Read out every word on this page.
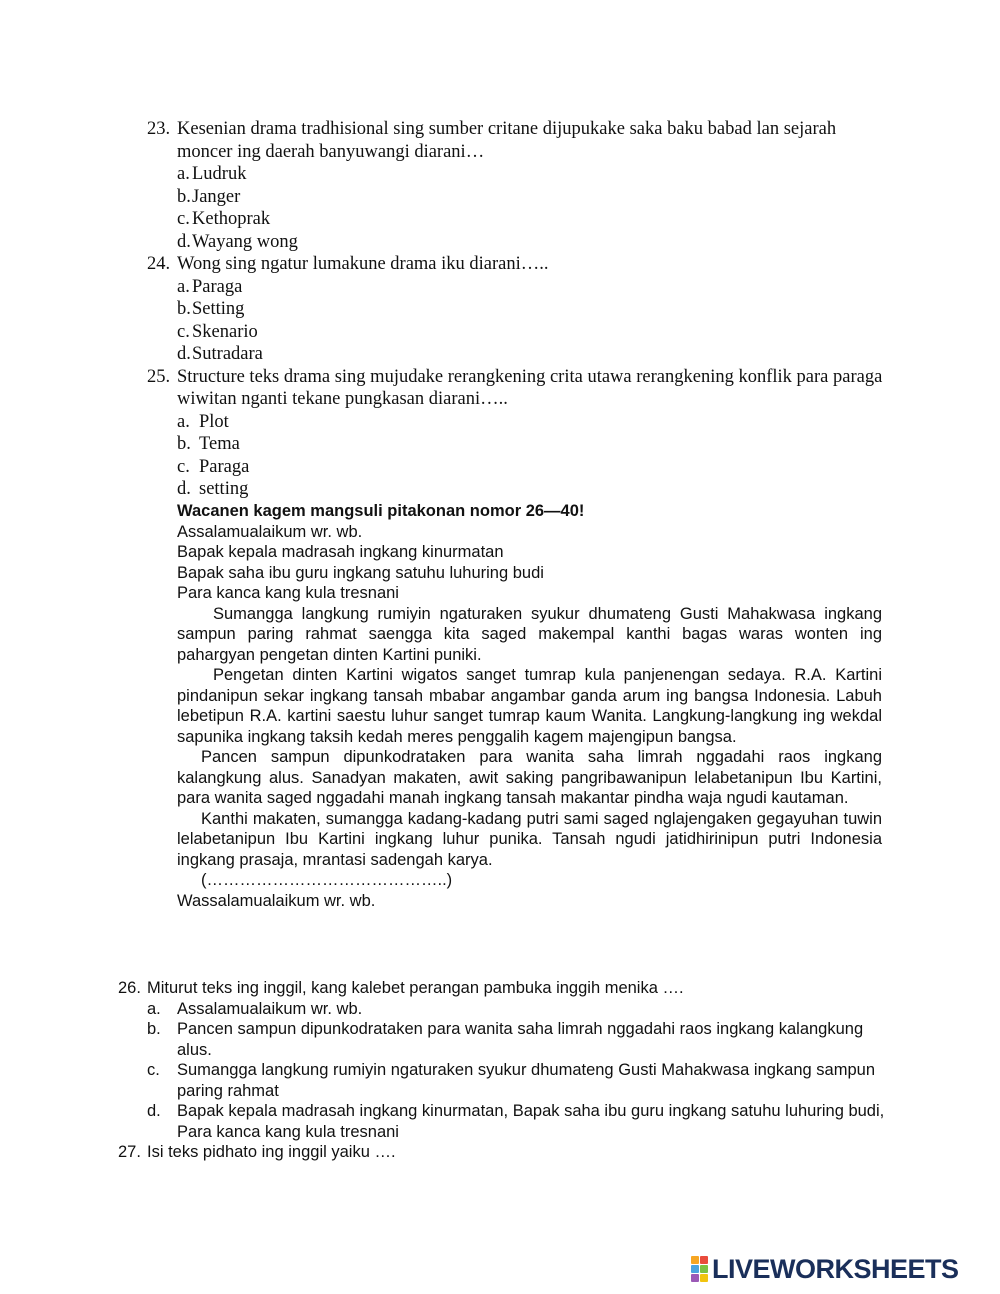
23. Kesenian drama tradhisional sing sumber critane dijupukake saka baku babad lan sejarah moncer ing daerah banyuwangi diarani…
a. Ludruk
b. Janger
c. Kethoprak
d. Wayang wong
24. Wong sing ngatur lumakune drama iku diarani…..
a. Paraga
b. Setting
c. Skenario
d. Sutradara
25. Structure teks drama sing mujudake rerangkening crita utawa rerangkening konflik para paraga wiwitan nganti tekane pungkasan diarani…..
a. Plot
b. Tema
c. Paraga
d. setting
Wacanen kagem mangsuli pitakonan nomor 26—40!
Assalamualaikum wr. wb.
Bapak kepala madrasah ingkang kinurmatan
Bapak saha ibu guru ingkang satuhu luhuring budi
Para kanca kang kula tresnani
Sumangga langkung rumiyin ngaturaken syukur dhumateng Gusti Mahakwasa ingkang sampun paring rahmat saengga kita saged makempal kanthi bagas waras wonten ing pahargyan pengetan dinten Kartini puniki.
Pengetan dinten Kartini wigatos sanget tumrap kula panjenengan sedaya. R.A. Kartini pindanipun sekar ingkang tansah mbabar angambar ganda arum ing bangsa Indonesia. Labuh lebetipun R.A. kartini saestu luhur sanget tumrap kaum Wanita. Langkung-langkung ing wekdal sapunika ingkang taksih kedah meres penggalih kagem majengipun bangsa.
Pancen sampun dipunkodrataken para wanita saha limrah nggadahi raos ingkang kalangkung alus. Sanadyan makaten, awit saking pangribawanipun lelabetanipun Ibu Kartini, para wanita saged nggadahi manah ingkang tansah makantar pindha waja ngudi kautaman.
Kanthi makaten, sumangga kadang-kadang putri sami saged nglajengaken gegayuhan tuwin lelabetanipun Ibu Kartini ingkang luhur punika. Tansah ngudi jatidhirinipun putri Indonesia ingkang prasaja, mrantasi sadengah karya.
(……………………………………..)
Wassalamualaikum wr. wb.
26. Miturut teks ing inggil, kang kalebet perangan pambuka inggih menika ….
a. Assalamualaikum wr. wb.
b. Pancen sampun dipunkodrataken para wanita saha limrah nggadahi raos ingkang kalangkung alus.
c.	Sumangga langkung rumiyin ngaturaken syukur dhumateng Gusti Mahakwasa ingkang sampun paring rahmat
d. Bapak kepala madrasah ingkang kinurmatan, Bapak saha ibu guru ingkang satuhu luhuring budi, Para kanca kang kula tresnani
27. Isi teks pidhato ing inggil yaiku ….
LIVEWORKSHEETS
